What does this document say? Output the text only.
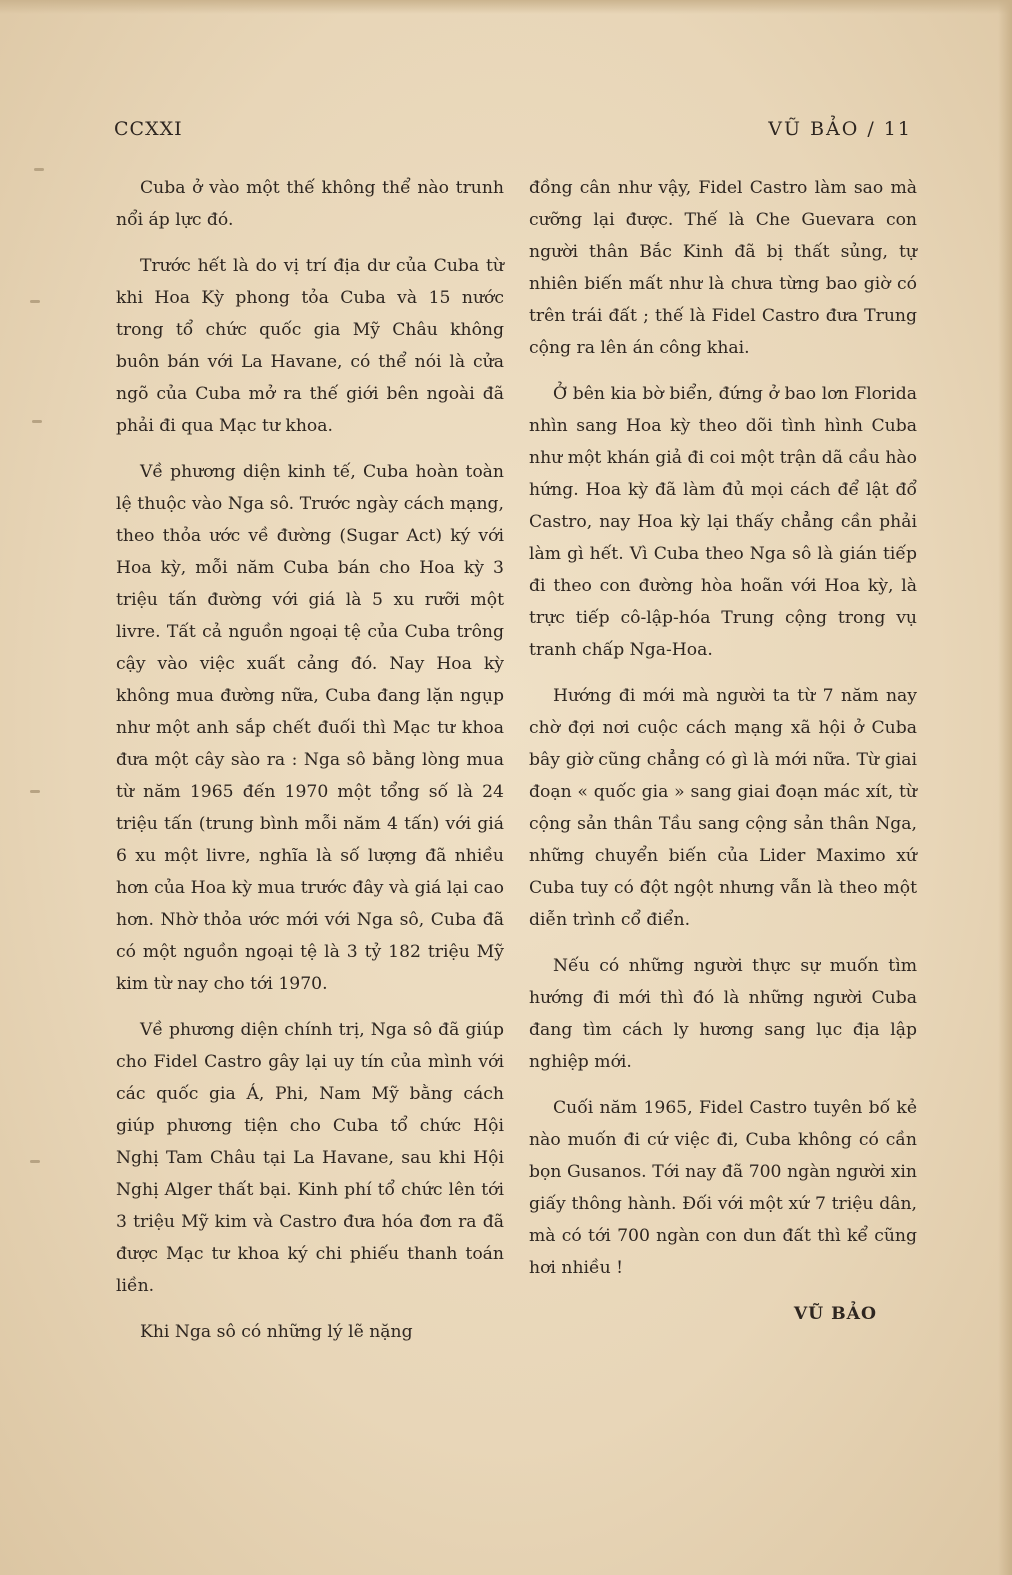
CCXXI	VŨ BẢO / 11

Cuba ở vào một thế không thể nào trunh nổi áp lực đó.

Trước hết là do vị trí địa dư của Cuba từ khi Hoa Kỳ phong tỏa Cuba và 15 nước trong tổ chức quốc gia Mỹ Châu không buôn bán với La Havane, có thể nói là cửa ngõ của Cuba mở ra thế giới bên ngoài đã phải đi qua Mạc tư khoa.

Về phương diện kinh tế, Cuba hoàn toàn lệ thuộc vào Nga sô. Trước ngày cách mạng, theo thỏa ước về đường (Sugar Act) ký với Hoa kỳ, mỗi năm Cuba bán cho Hoa kỳ 3 triệu tấn đường với giá là 5 xu rưỡi một livre. Tất cả nguồn ngoại tệ của Cuba trông cậy vào việc xuất cảng đó. Nay Hoa kỳ không mua đường nữa, Cuba đang lặn ngụp như một anh sắp chết đuối thì Mạc tư khoa đưa một cây sào ra : Nga sô bằng lòng mua từ năm 1965 đến 1970 một tổng số là 24 triệu tấn (trung bình mỗi năm 4 tấn) với giá 6 xu một livre, nghĩa là số lượng đã nhiều hơn của Hoa kỳ mua trước đây và giá lại cao hơn. Nhờ thỏa ước mới với Nga sô, Cuba đã có một nguồn ngoại tệ là 3 tỷ 182 triệu Mỹ kim từ nay cho tới 1970.

Về phương diện chính trị, Nga sô đã giúp cho Fidel Castro gây lại uy tín của mình với các quốc gia Á, Phi, Nam Mỹ bằng cách giúp phương tiện cho Cuba tổ chức Hội Nghị Tam Châu tại La Havane, sau khi Hội Nghị Alger thất bại. Kinh phí tổ chức lên tới 3 triệu Mỹ kim và Castro đưa hóa đơn ra đã được Mạc tư khoa ký chi phiếu thanh toán liền.

Khi Nga sô có những lý lẽ nặng

đồng cân như vậy, Fidel Castro làm sao mà cưỡng lại được. Thế là Che Guevara con người thân Bắc Kinh đã bị thất sủng, tự nhiên biến mất như là chưa từng bao giờ có trên trái đất ; thế là Fidel Castro đưa Trung cộng ra lên án công khai.

Ở bên kia bờ biển, đứng ở bao lơn Florida nhìn sang Hoa kỳ theo dõi tình hình Cuba như một khán giả đi coi một trận dã cầu hào hứng. Hoa kỳ đã làm đủ mọi cách để lật đổ Castro, nay Hoa kỳ lại thấy chẳng cần phải làm gì hết. Vì Cuba theo Nga sô là gián tiếp đi theo con đường hòa hoãn với Hoa kỳ, là trực tiếp cô-lập-hóa Trung cộng trong vụ tranh chấp Nga-Hoa.

Hướng đi mới mà người ta từ 7 năm nay chờ đợi nơi cuộc cách mạng xã hội ở Cuba bây giờ cũng chẳng có gì là mới nữa. Từ giai đoạn « quốc gia » sang giai đoạn mác xít, từ cộng sản thân Tầu sang cộng sản thân Nga, những chuyển biến của Lider Maximo xứ Cuba tuy có đột ngột nhưng vẫn là theo một diễn trình cổ điển.

Nếu có những người thực sự muốn tìm hướng đi mới thì đó là những người Cuba đang tìm cách ly hương sang lục địa lập nghiệp mới.

Cuối năm 1965, Fidel Castro tuyên bố kẻ nào muốn đi cứ việc đi, Cuba không có cần bọn Gusanos. Tới nay đã 700 ngàn người xin giấy thông hành. Đối với một xứ 7 triệu dân, mà có tới 700 ngàn con dun đất thì kể cũng hơi nhiều !

VŨ BẢO
